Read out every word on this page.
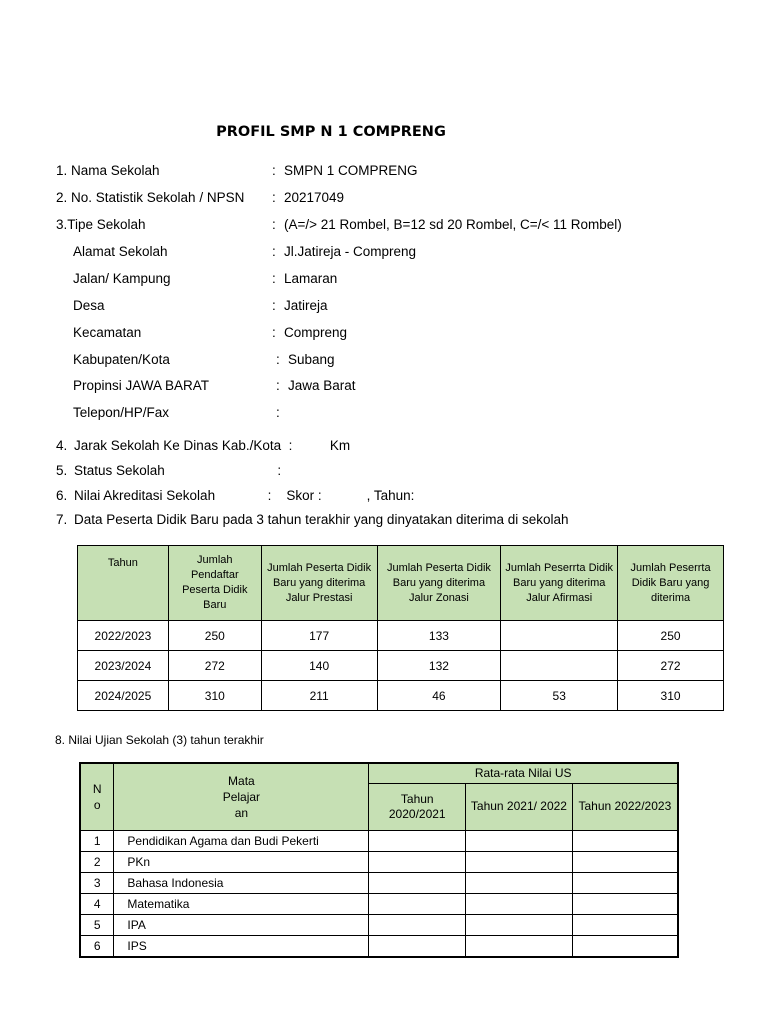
PROFIL SMP N 1 COMPRENG
1. Nama Sekolah	: SMPN 1 COMPRENG
2. No. Statistik Sekolah / NPSN : 20217049
3.Tipe Sekolah	: (A=/> 21 Rombel, B=12 sd 20 Rombel, C=/< 11 Rombel)
Alamat Sekolah	: Jl.Jatireja - Compreng
Jalan/ Kampung	: Lamaran
Desa	: Jatireja
Kecamatan	: Compreng
Kabupaten/Kota	: Subang
Propinsi JAWA BARAT	: Jawa Barat
Telepon/HP/Fax	:
4. Jarak Sekolah Ke Dinas Kab./Kota  :          Km
5. Status Sekolah                              :
6. Nilai Akreditasi Sekolah              :    Skor :            , Tahun:
7. Data Peserta Didik Baru pada 3 tahun terakhir yang dinyatakan diterima di sekolah
Tahun	Jumlah Pendaftar Peserta Didik Baru	Jumlah Peserta Didik Baru yang diterima Jalur Prestasi	Jumlah Peserta Didik Baru yang diterima Jalur Zonasi	Jumlah Peserrta Didik Baru yang diterima Jalur Afirmasi	Jumlah Peserrta Didik Baru yang diterima
2022/2023	250	177	133		250
2023/2024	272	140	132		272
2024/2025	310	211	46	53	310
8. Nilai Ujian Sekolah (3) tahun terakhir
N
o	Mata
Pelajar
an	Rata-rata Nilai US		
		Tahun 2020/2021	Tahun 2021/ 2022	Tahun 2022/2023
1	Pendidikan Agama dan Budi Pekerti			
2	PKn			
3	Bahasa Indonesia			
4	Matematika			
5	IPA			
6	IPS			
